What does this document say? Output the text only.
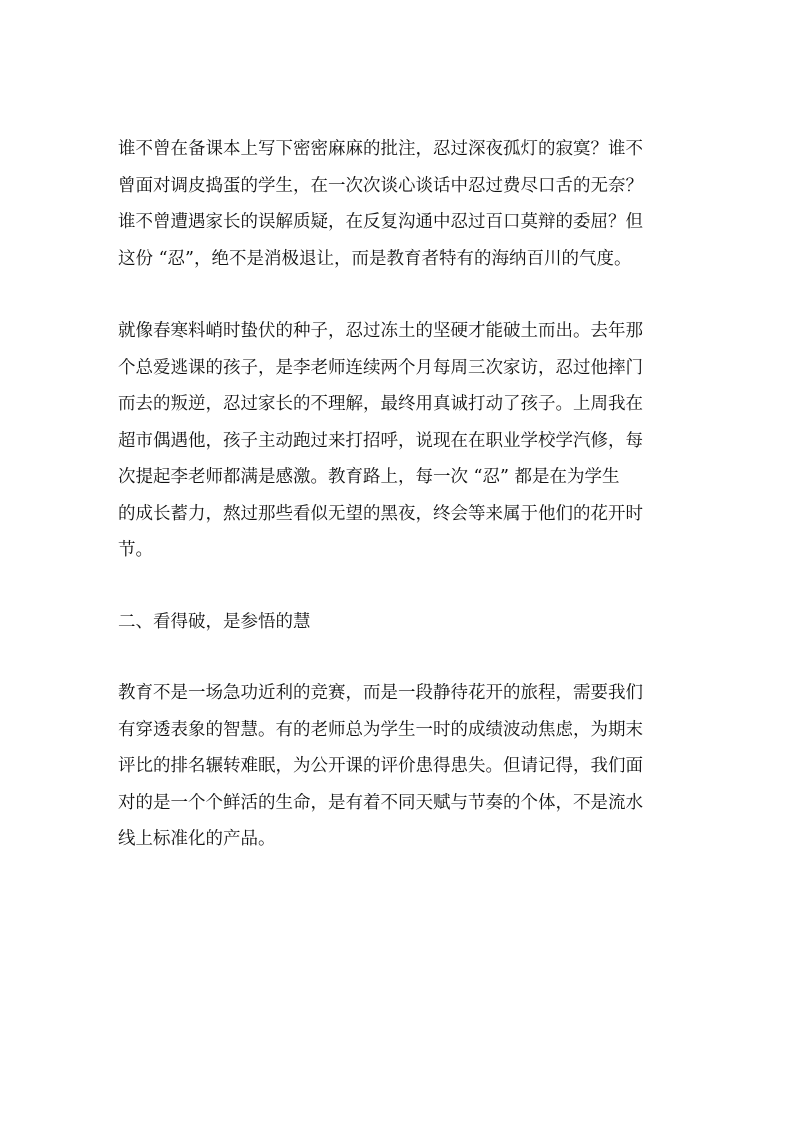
谁不曾在备课本上写下密密麻麻的批注，忍过深夜孤灯的寂寞？谁不
曾面对调皮捣蛋的学生，在一次次谈心谈话中忍过费尽口舌的无奈？
谁不曾遭遇家长的误解质疑，在反复沟通中忍过百口莫辩的委屈？但
这份 “忍”，绝不是消极退让，而是教育者特有的海纳百川的气度。

就像春寒料峭时蛰伏的种子，忍过冻土的坚硬才能破土而出。去年那
个总爱逃课的孩子，是李老师连续两个月每周三次家访，忍过他摔门
而去的叛逆，忍过家长的不理解，最终用真诚打动了孩子。上周我在
超市偶遇他，孩子主动跑过来打招呼，说现在在职业学校学汽修，每
次提起李老师都满是感激。教育路上，每一次 “忍” 都是在为学生
的成长蓄力，熬过那些看似无望的黑夜，终会等来属于他们的花开时
节。

二、看得破，是参悟的慧

教育不是一场急功近利的竞赛，而是一段静待花开的旅程，需要我们
有穿透表象的智慧。有的老师总为学生一时的成绩波动焦虑，为期末
评比的排名辗转难眠，为公开课的评价患得患失。但请记得，我们面
对的是一个个鲜活的生命，是有着不同天赋与节奏的个体，不是流水
线上标准化的产品。
